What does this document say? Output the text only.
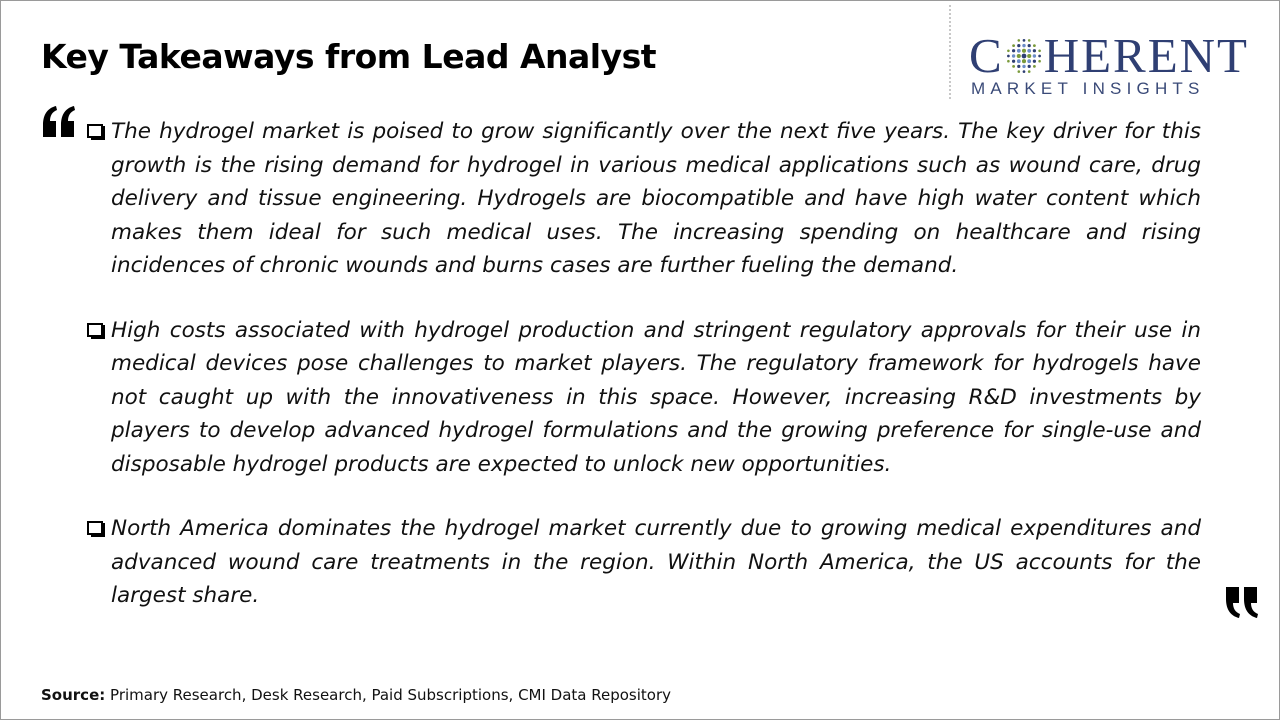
Key Takeaways from Lead Analyst	C HERENT
MARKET INSIGHTS
The hydrogel market is poised to grow significantly over the next five years. The key driver for this growth is the rising demand for hydrogel in various medical applications such as wound care, drug delivery and tissue engineering. Hydrogels are biocompatible and have high water content which makes them ideal for such medical uses. The increasing spending on healthcare and rising incidences of chronic wounds and burns cases are further fueling the demand.
High costs associated with hydrogel production and stringent regulatory approvals for their use in medical devices pose challenges to market players. The regulatory framework for hydrogels have not caught up with the innovativeness in this space. However, increasing R&D investments by players to develop advanced hydrogel formulations and the growing preference for single-use and disposable hydrogel products are expected to unlock new opportunities.
North America dominates the hydrogel market currently due to growing medical expenditures and advanced wound care treatments in the region. Within North America, the US accounts for the largest share.
Source: Primary Research, Desk Research, Paid Subscriptions, CMI Data Repository
